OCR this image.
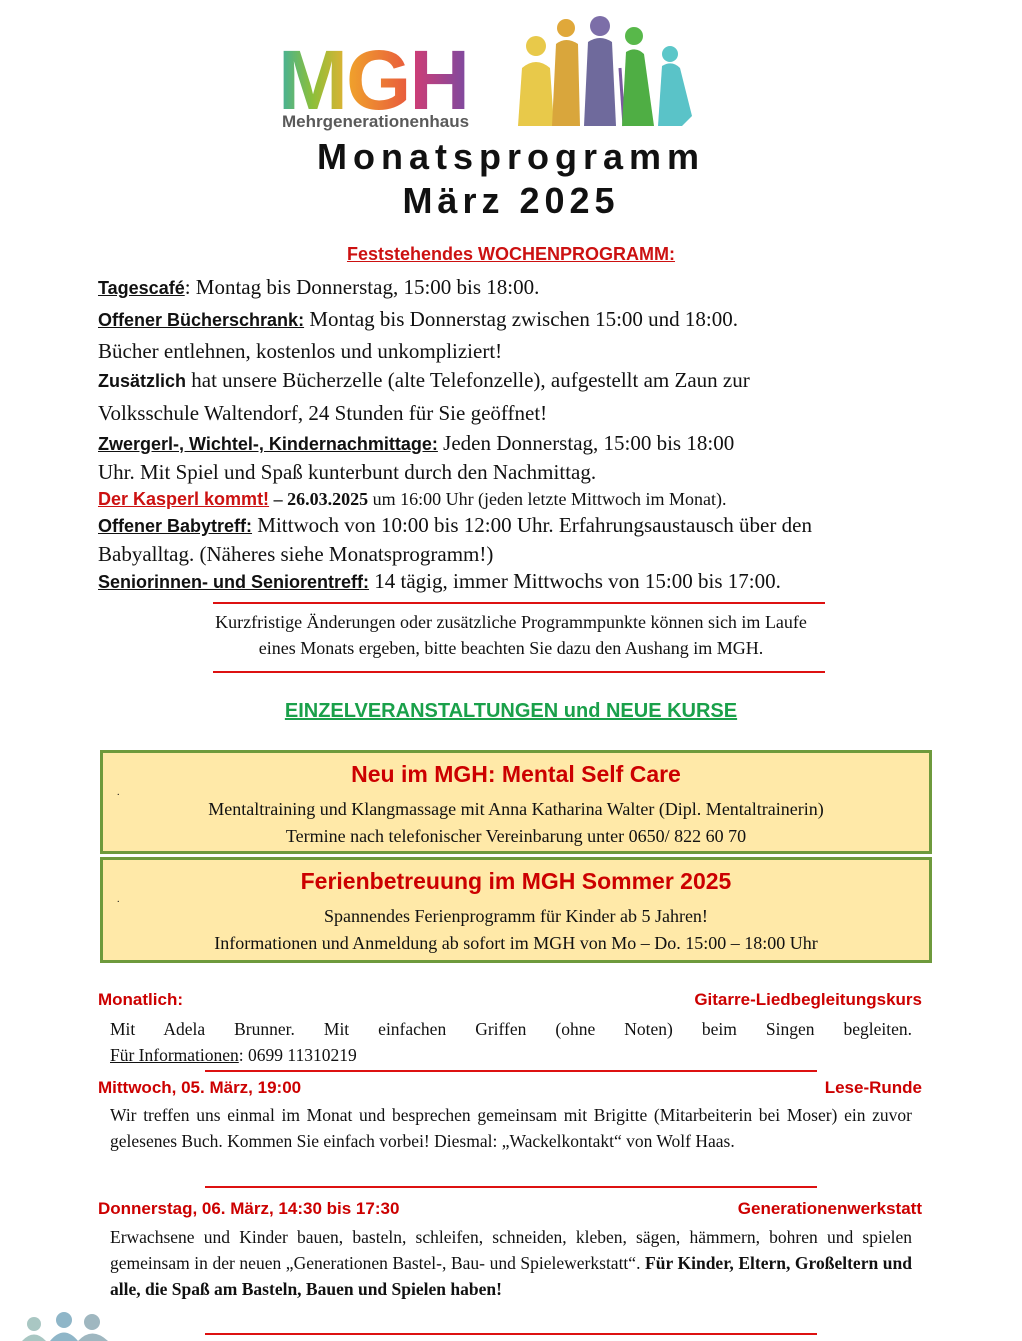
MGH
Mehrgenerationenhaus
Monatsprogramm
März 2025
Feststehendes WOCHENPROGRAMM:
Tagescafé: Montag bis Donnerstag, 15:00 bis 18:00.
Offener Bücherschrank: Montag bis Donnerstag zwischen 15:00 und 18:00.
Bücher entlehnen, kostenlos und unkompliziert!
Zusätzlich hat unsere Bücherzelle (alte Telefonzelle), aufgestellt am Zaun zur
Volksschule Waltendorf, 24 Stunden für Sie geöffnet!
Zwergerl-, Wichtel-, Kindernachmittage: Jeden Donnerstag, 15:00 bis 18:00
Uhr. Mit Spiel und Spaß kunterbunt durch den Nachmittag.
Der Kasperl kommt! – 26.03.2025 um 16:00 Uhr (jeden letzte Mittwoch im Monat).
Offener Babytreff: Mittwoch von 10:00 bis 12:00 Uhr. Erfahrungsaustausch über den
Babyalltag. (Näheres siehe Monatsprogramm!)
Seniorinnen- und Seniorentreff: 14 tägig, immer Mittwochs von 15:00 bis 17:00.
Kurzfristige Änderungen oder zusätzliche Programmpunkte können sich im Laufe
eines Monats ergeben, bitte beachten Sie dazu den Aushang im MGH.
EINZELVERANSTALTUNGEN und NEUE KURSE
Neu im MGH: Mental Self Care
.
Mentaltraining und Klangmassage mit Anna Katharina Walter (Dipl. Mentaltrainerin)
Termine nach telefonischer Vereinbarung unter 0650/ 822 60 70
Ferienbetreuung im MGH Sommer 2025
.
Spannendes Ferienprogramm für Kinder ab 5 Jahren!
Informationen und Anmeldung ab sofort im MGH von Mo – Do. 15:00 – 18:00 Uhr
Monatlich:	Gitarre-Liedbegleitungskurs
Mit Adela Brunner. Mit einfachen Griffen (ohne Noten) beim Singen begleiten.
Für Informationen: 0699 11310219
Mittwoch, 05. März, 19:00	Lese-Runde
Wir treffen uns einmal im Monat und besprechen gemeinsam mit Brigitte (Mitarbeiterin bei Moser) ein zuvor gelesenes Buch. Kommen Sie einfach vorbei! Diesmal: „Wackelkontakt“ von Wolf Haas.
Donnerstag, 06. März, 14:30 bis 17:30	Generationenwerkstatt
Erwachsene und Kinder bauen, basteln, schleifen, schneiden, kleben, sägen, hämmern, bohren und spielen gemeinsam in der neuen „Generationen Bastel-, Bau- und Spielewerkstatt“. Für Kinder, Eltern, Großeltern und alle, die Spaß am Basteln, Bauen und Spielen haben!
